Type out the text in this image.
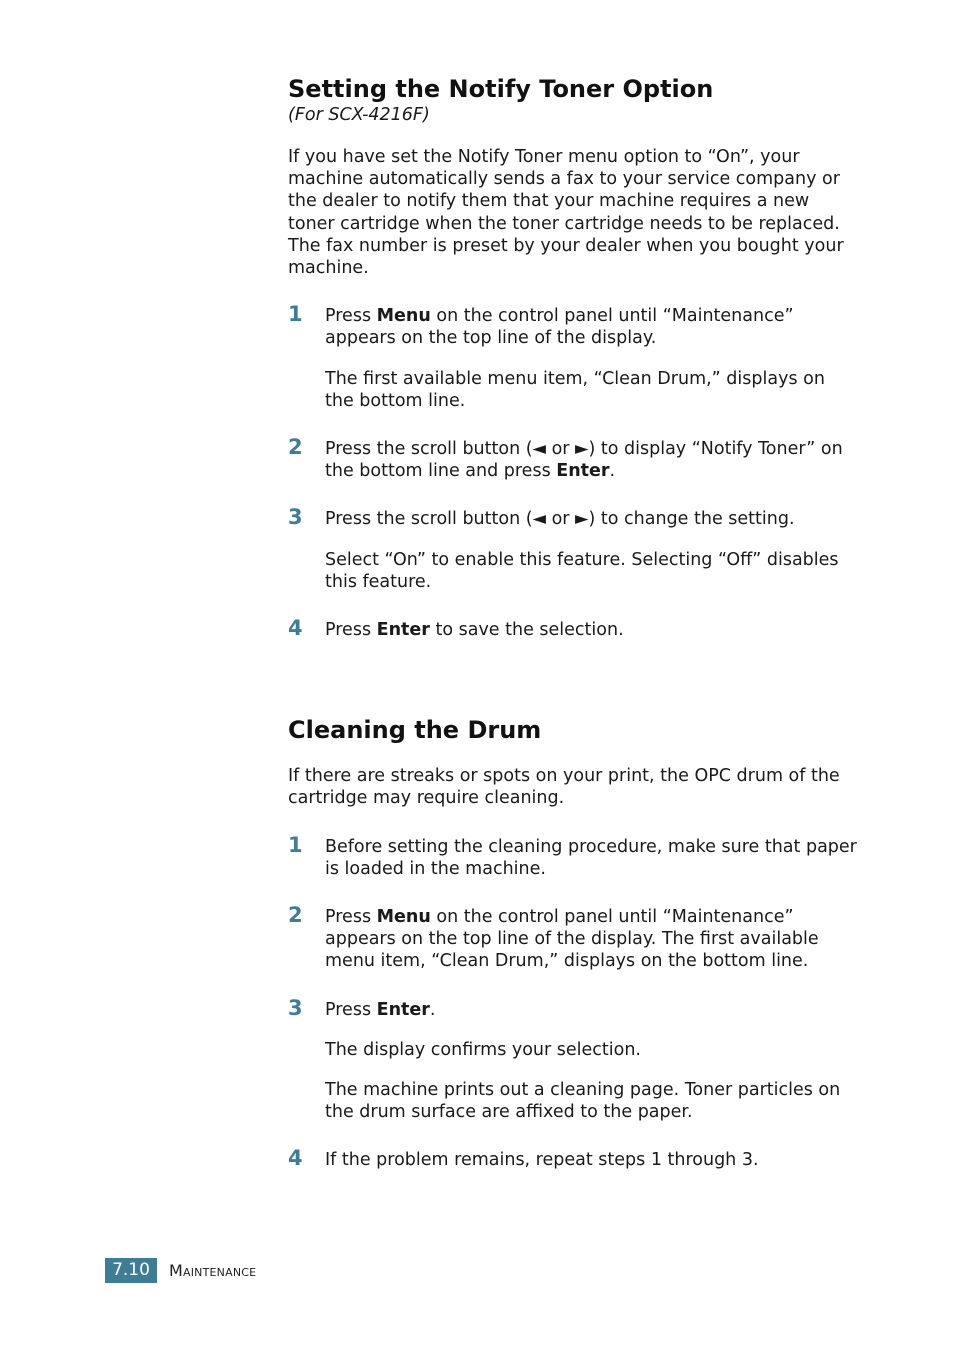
Setting the Notify Toner Option

(For SCX-4216F)

If you have set the Notify Toner menu option to “On”, your machine automatically sends a fax to your service company or the dealer to notify them that your machine requires a new toner cartridge when the toner cartridge needs to be replaced. The fax number is preset by your dealer when you bought your machine.

1 Press Menu on the control panel until “Maintenance” appears on the top line of the display.

The first available menu item, “Clean Drum,” displays on the bottom line.

2 Press the scroll button (◄ or ►) to display “Notify Toner” on the bottom line and press Enter.

3 Press the scroll button (◄ or ►) to change the setting.

Select “On” to enable this feature. Selecting “Off” disables this feature.

4 Press Enter to save the selection.

Cleaning the Drum

If there are streaks or spots on your print, the OPC drum of the cartridge may require cleaning.

1 Before setting the cleaning procedure, make sure that paper is loaded in the machine.

2 Press Menu on the control panel until “Maintenance” appears on the top line of the display. The first available menu item, “Clean Drum,” displays on the bottom line.

3 Press Enter.

The display confirms your selection.

The machine prints out a cleaning page. Toner particles on the drum surface are affixed to the paper.

4 If the problem remains, repeat steps 1 through 3.

7.10	Maintenance
